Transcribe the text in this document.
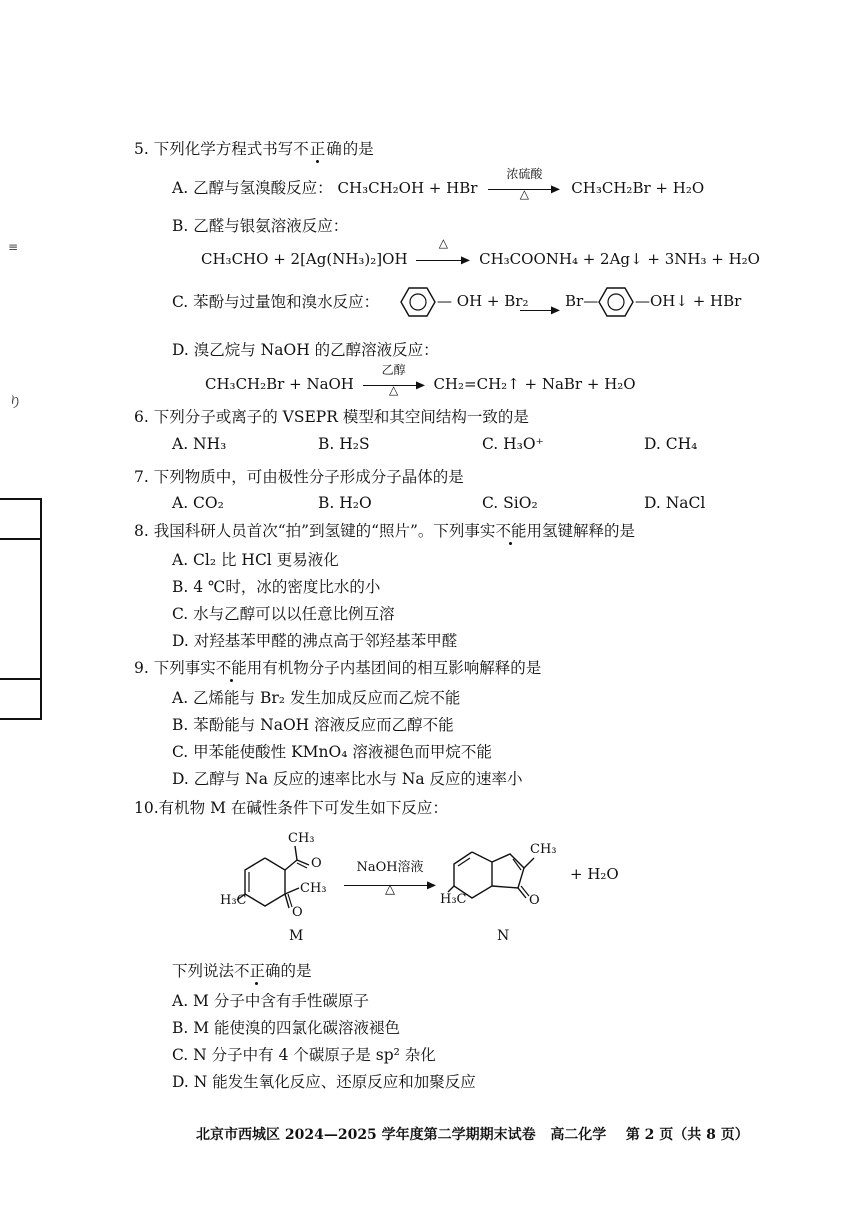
≡
り
5. 下列化学方程式书写不正确的是
A. 乙醇与氢溴酸反应： CH₃CH₂OH + HBr
浓硫酸
△	CH₃CH₂Br + H₂O
B. 乙醛与银氨溶液反应：
CH₃CHO + 2[Ag(NH₃)₂]OH
△
CH₃COONH₄ + 2Ag↓ + 3NH₃ + H₂O
C. 苯酚与过量饱和溴水反应：	— OH + Br₂ Br— —OH↓ + HBr
D. 溴乙烷与 NaOH 的乙醇溶液反应：
CH₃CH₂Br + NaOH
乙醇
△	CH₂=CH₂↑ + NaBr + H₂O
6. 下列分子或离子的 VSEPR 模型和其空间结构一致的是
A. NH₃	B. H₂S	C. H₃O⁺	D. CH₄
7. 下列物质中，可由极性分子形成分子晶体的是
A. CO₂	B. H₂O	C. SiO₂	D. NaCl
8. 我国科研人员首次“拍”到氢键的“照片”。下列事实不能用氢键解释的是
A. Cl₂ 比 HCl 更易液化
B. 4 ℃时，冰的密度比水的小
C. 水与乙醇可以以任意比例互溶
D. 对羟基苯甲醛的沸点高于邻羟基苯甲醛
9. 下列事实不能用有机物分子内基团间的相互影响解释的是
A. 乙烯能与 Br₂ 发生加成反应而乙烷不能
B. 苯酚能与 NaOH 溶液反应而乙醇不能
C. 甲苯能使酸性 KMnO₄ 溶液褪色而甲烷不能
D. 乙醇与 Na 反应的速率比水与 Na 反应的速率小
10.有机物 M 在碱性条件下可发生如下反应：
CH₃
O
CH₃
O
H₃C
M
NaOH溶液
△
CH₃
O
H₃C
N
+ H₂O
下列说法不正确的是
A. M 分子中含有手性碳原子
B. M 能使溴的四氯化碳溶液褪色
C. N 分子中有 4 个碳原子是 sp² 杂化
D. N 能发生氧化反应、还原反应和加聚反应
北京市西城区 2024—2025 学年度第二学期期末试卷 高二化学 第 2 页（共 8 页）
